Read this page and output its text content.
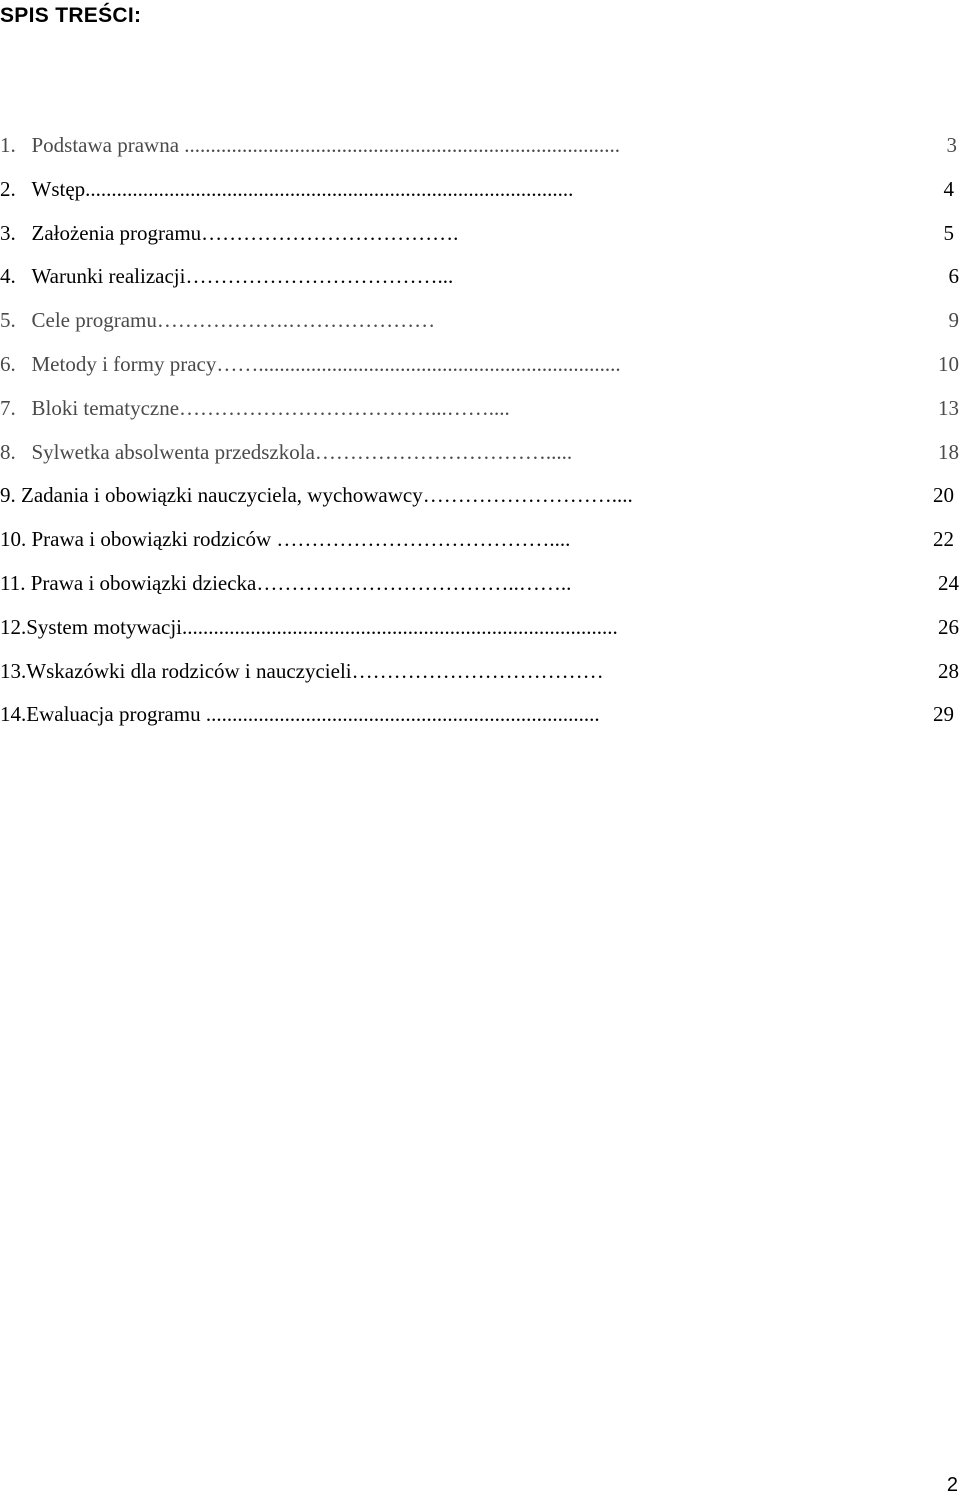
SPIS TREŚCI:
1.   Podstawa prawna ...................................................................................	3
2.   Wstęp.............................................................................................	4
3.   Założenia programu……………………………….	5
4.   Warunki realizacji………………………………...	6
5.   Cele programu……………….…………………	9
6.   Metody i formy pracy…….....................................................................	10
7.   Bloki tematyczne………………………………...……....	13
8.   Sylwetka absolwenta przedszkola…………………………….....	18
9. Zadania i obowiązki nauczyciela, wychowawcy………………………....	20
10. Prawa i obowiązki rodziców …………………………………....	22
11. Prawa i obowiązki dziecka………………………………..……..	24
12.System motywacji...................................................................................	26
13.Wskazówki dla rodziców i nauczycieli………………………………	28
14.Ewaluacja programu ...........................................................................	29
2
